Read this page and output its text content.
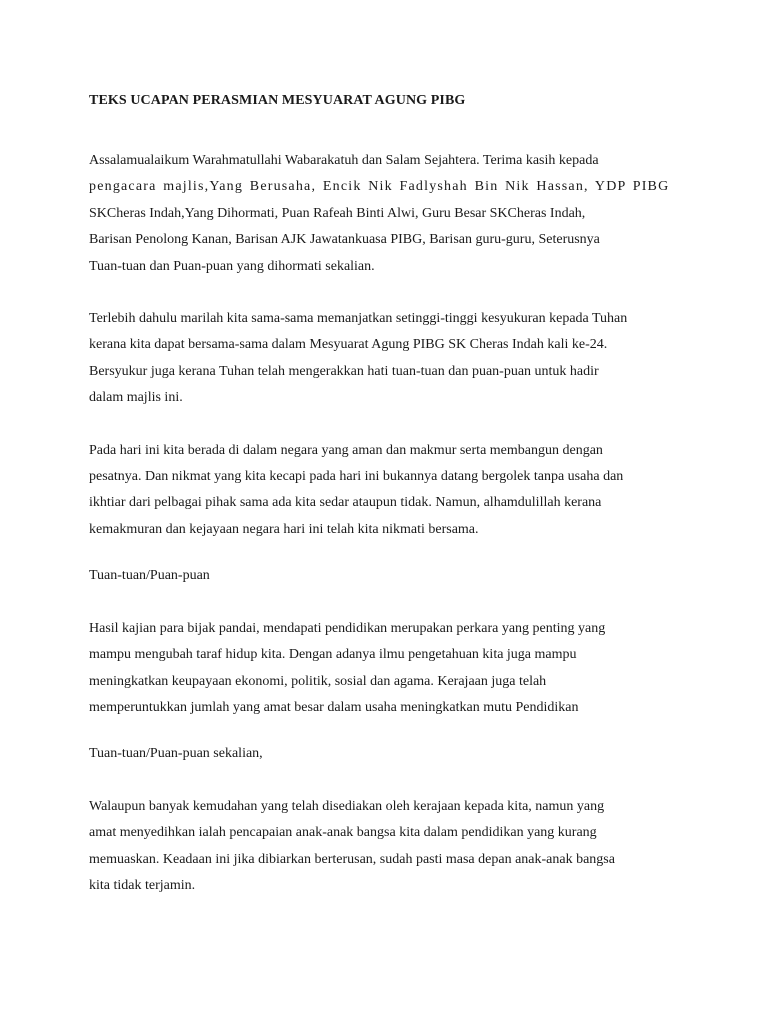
TEKS UCAPAN PERASMIAN MESYUARAT AGUNG PIBG

Assalamualaikum Warahmatullahi Wabarakatuh dan Salam Sejahtera. Terima kasih kepada
pengacara majlis,Yang Berusaha, Encik Nik Fadlyshah Bin Nik Hassan, YDP PIBG
SKCheras Indah,Yang Dihormati, Puan Rafeah Binti Alwi, Guru Besar SKCheras Indah,
Barisan Penolong Kanan, Barisan AJK Jawatankuasa PIBG, Barisan guru-guru, Seterusnya
Tuan-tuan dan Puan-puan yang dihormati sekalian.

Terlebih dahulu marilah kita sama-sama memanjatkan setinggi-tinggi kesyukuran kepada Tuhan
kerana kita dapat bersama-sama dalam Mesyuarat Agung PIBG SK Cheras Indah kali ke-24.
Bersyukur juga kerana Tuhan telah mengerakkan hati tuan-tuan dan puan-puan untuk hadir
dalam majlis ini.

Pada hari ini kita berada di dalam negara yang aman dan makmur serta membangun dengan
pesatnya. Dan nikmat yang kita kecapi pada hari ini bukannya datang bergolek tanpa usaha dan
ikhtiar dari pelbagai pihak sama ada kita sedar ataupun tidak. Namun, alhamdulillah kerana
kemakmuran dan kejayaan negara hari ini telah kita nikmati bersama.

Tuan-tuan/Puan-puan

Hasil kajian para bijak pandai, mendapati pendidikan merupakan perkara yang penting yang
mampu mengubah taraf hidup kita. Dengan adanya ilmu pengetahuan kita juga mampu
meningkatkan keupayaan ekonomi, politik, sosial dan agama. Kerajaan juga telah
memperuntukkan jumlah yang amat besar dalam usaha meningkatkan mutu Pendidikan

Tuan-tuan/Puan-puan sekalian,

Walaupun banyak kemudahan yang telah disediakan oleh kerajaan kepada kita, namun yang
amat menyedihkan ialah pencapaian anak-anak bangsa kita dalam pendidikan yang kurang
memuaskan. Keadaan ini jika dibiarkan berterusan, sudah pasti masa depan anak-anak bangsa
kita tidak terjamin.
